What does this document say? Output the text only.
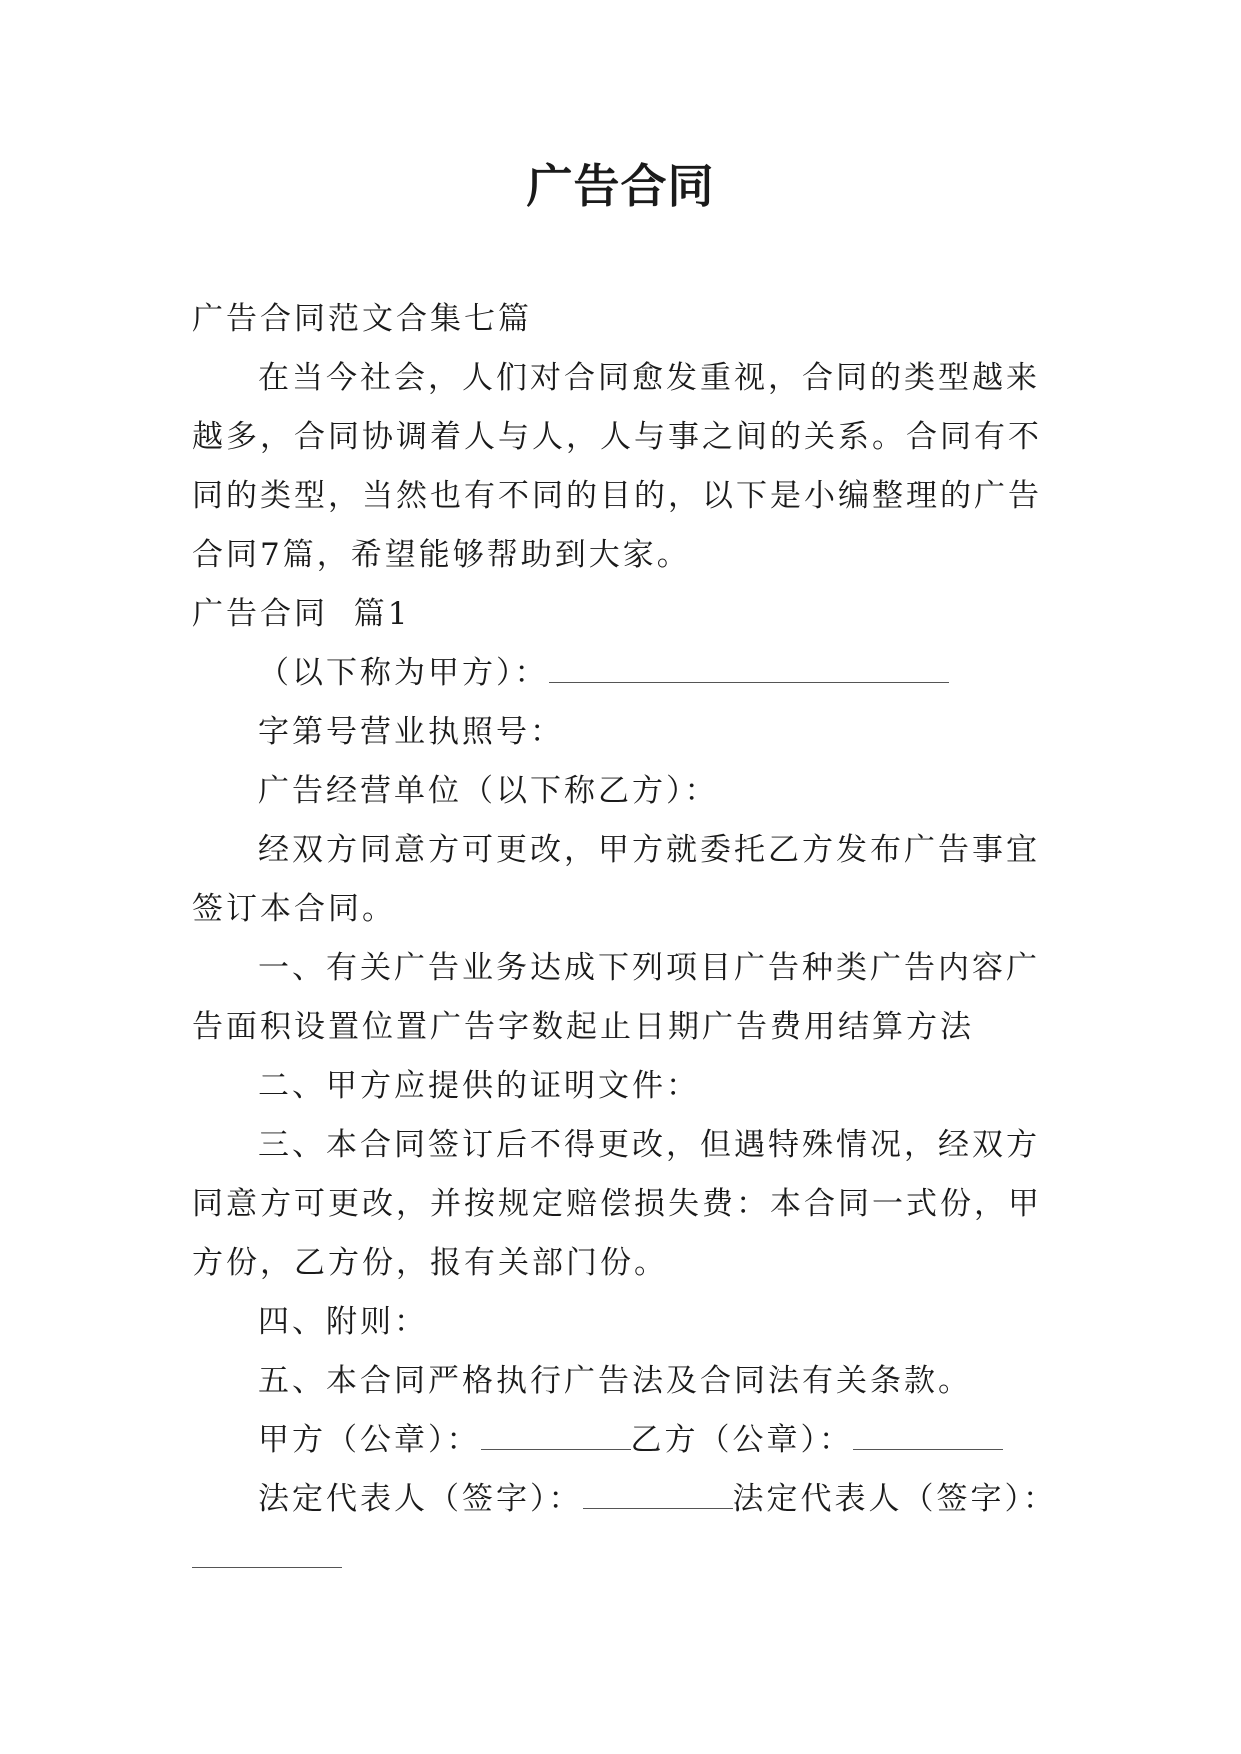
广告合同

广告合同范文合集七篇

在当今社会，人们对合同愈发重视，合同的类型越来越多，合同协调着人与人，人与事之间的关系。合同有不同的类型，当然也有不同的目的，以下是小编整理的广告合同7篇，希望能够帮助到大家。

广告合同  篇1

（以下称为甲方）：

字第号营业执照号：

广告经营单位（以下称乙方）：

经双方同意方可更改，甲方就委托乙方发布广告事宜签订本合同。

一、有关广告业务达成下列项目广告种类广告内容广告面积设置位置广告字数起止日期广告费用结算方法

二、甲方应提供的证明文件：

三、本合同签订后不得更改，但遇特殊情况，经双方同意方可更改，并按规定赔偿损失费：本合同一式份，甲方份，乙方份，报有关部门份。

四、附则：

五、本合同严格执行广告法及合同法有关条款。

甲方（公章）：	乙方（公章）：

法定代表人（签字）：	法定代表人（签字）：
